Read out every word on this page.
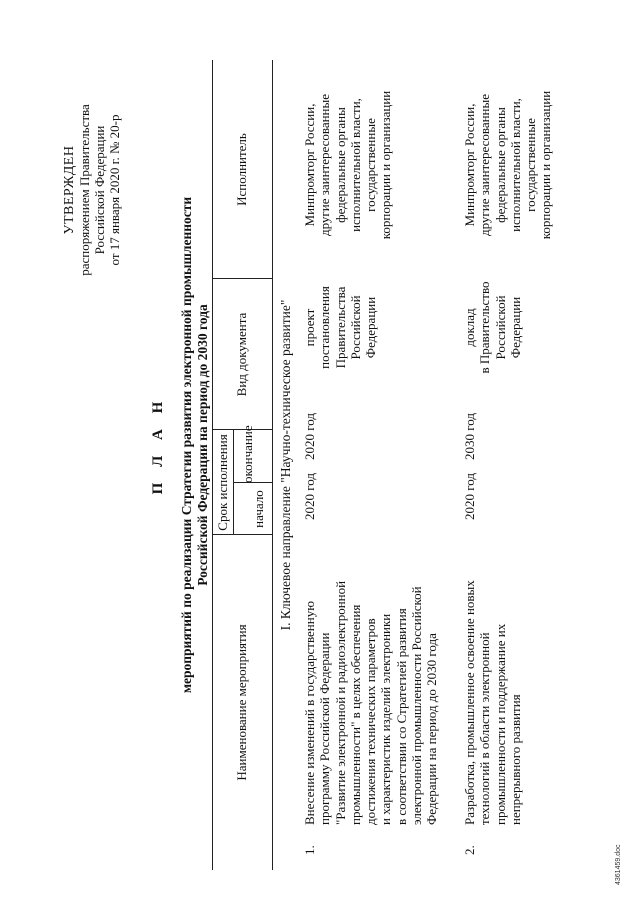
УТВЕРЖДЕН распоряжением Правительства Российской Федерации от 17 января 2020 г. № 20-р
П Л А Н мероприятий по реализации Стратегии развития электронной промышленности Российской Федерации на период до 2030 года
Наименование мероприятия
Срок исполнения начало
окончание
Вид документа
Исполнитель
I. Ключевое направление "Научно-техническое развитие"
1.
Внесение изменений в государственную программу Российской Федерации "Развитие электронной и радиоэлектронной промышленности" в целях обеспечения достижения технических параметров и характеристик изделий электроники в соответствии со Стратегией развития электронной промышленности Российской Федерации на период до 2030 года
2020 год
2020 год
проект постановления Правительства Российской Федерации
Минпромторг России, другие заинтересованные федеральные органы исполнительной власти, государственные корпорации и организации
2.
Разработка, промышленное освоение новых технологий в области электронной промышленности и поддержание их непрерывного развития
2020 год
2030 год
доклад в Правительство Российской Федерации
Минпромторг России, другие заинтересованные федеральные органы исполнительной власти, государственные корпорации и организации
4361459.doc
